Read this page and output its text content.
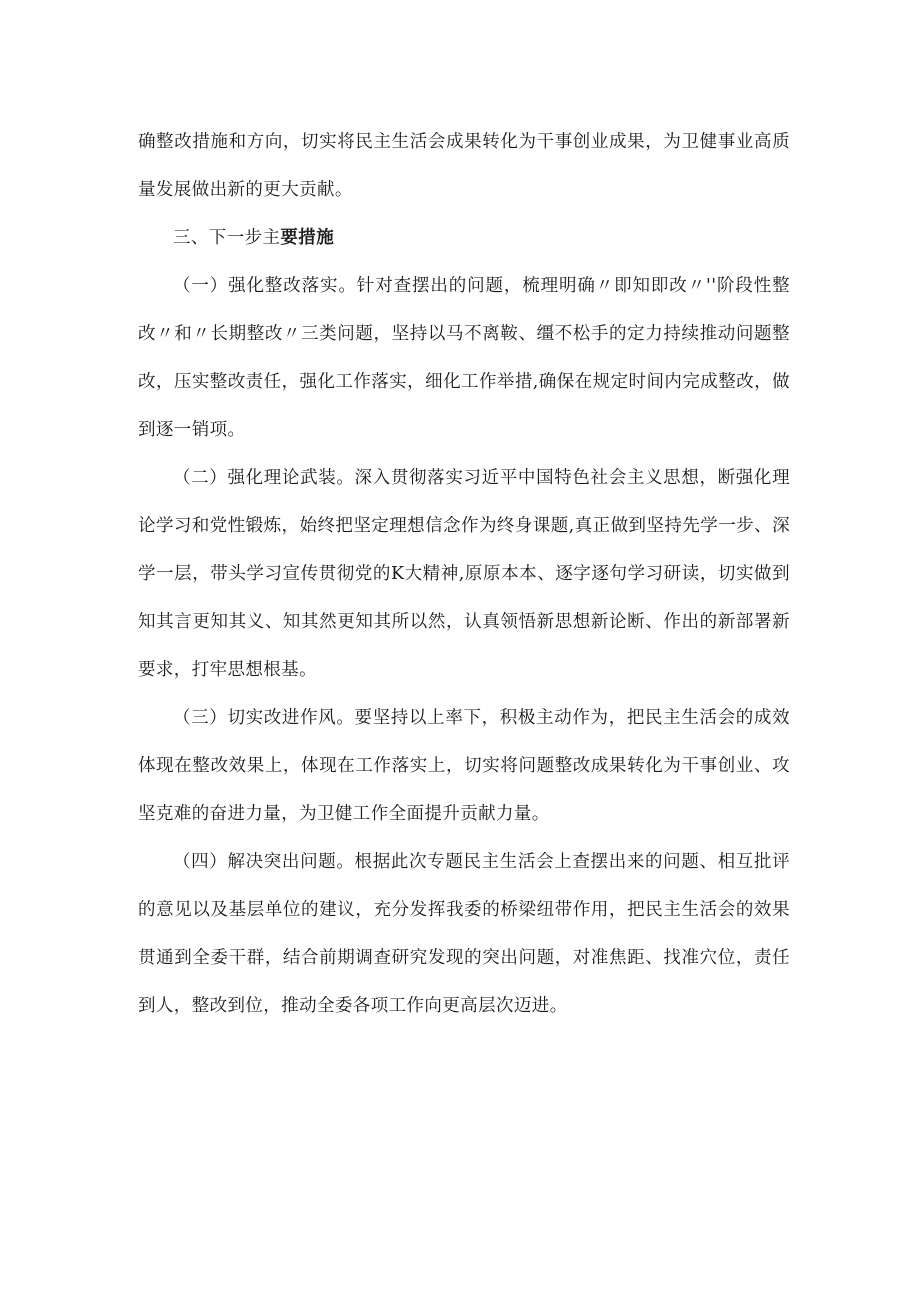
确整改措施和方向，切实将民主生活会成果转化为干事创业成果，为卫健事业高质量发展做出新的更大贡献。

三、下一步主要措施

（一）强化整改落实。针对查摆出的问题，梳理明确〃即知即改〃''阶段性整改〃和〃长期整改〃三类问题，坚持以马不离鞍、缰不松手的定力持续推动问题整改，压实整改责任，强化工作落实，细化工作举措,确保在规定时间内完成整改，做到逐一销项。

（二）强化理论武装。深入贯彻落实习近平中国特色社会主义思想，断强化理论学习和党性锻炼，始终把坚定理想信念作为终身课题,真正做到坚持先学一步、深学一层，带头学习宣传贯彻党的K大精神,原原本本、逐字逐句学习研读，切实做到知其言更知其义、知其然更知其所以然，认真领悟新思想新论断、作出的新部署新要求，打牢思想根基。

（三）切实改进作风。要坚持以上率下，积极主动作为，把民主生活会的成效体现在整改效果上，体现在工作落实上，切实将问题整改成果转化为干事创业、攻坚克难的奋进力量，为卫健工作全面提升贡献力量。

（四）解决突出问题。根据此次专题民主生活会上查摆出来的问题、相互批评的意见以及基层单位的建议，充分发挥我委的桥梁纽带作用，把民主生活会的效果贯通到全委干群，结合前期调查研究发现的突出问题，对准焦距、找准穴位，责任到人，整改到位，推动全委各项工作向更高层次迈进。
